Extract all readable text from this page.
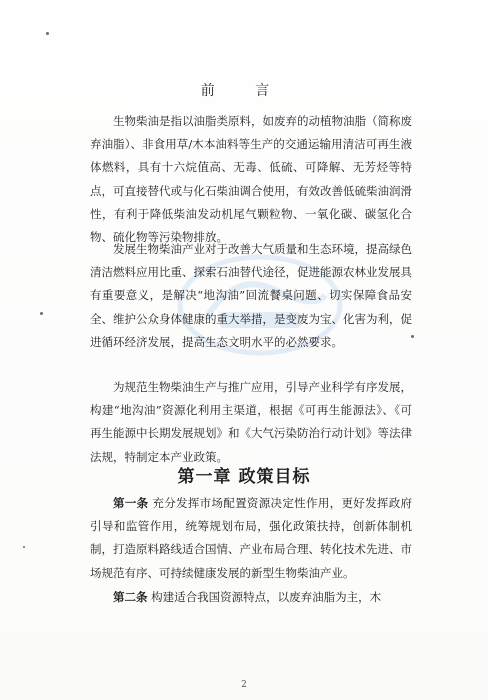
前 言

生物柴油是指以油脂类原料，如废弃的动植物油脂（简称废弃油脂）、非食用草/木本油料等生产的交通运输用清洁可再生液体燃料，具有十六烷值高、无毒、低硫、可降解、无芳烃等特点，可直接替代或与化石柴油调合使用，有效改善低硫柴油润滑性，有利于降低柴油发动机尾气颗粒物、一氧化碳、碳氢化合物、硫化物等污染物排放。

发展生物柴油产业对于改善大气质量和生态环境，提高绿色清洁燃料应用比重、探索石油替代途径，促进能源农林业发展具有重要意义，是解决“地沟油”回流餐桌问题、切实保障食品安全、维护公众身体健康的重大举措，是变废为宝、化害为利，促进循环经济发展，提高生态文明水平的必然要求。

为规范生物柴油生产与推广应用，引导产业科学有序发展，构建“地沟油”资源化利用主渠道，根据《可再生能源法》、《可再生能源中长期发展规划》和《大气污染防治行动计划》等法律法规，特制定本产业政策。

第一章 政策目标

第一条 充分发挥市场配置资源决定性作用，更好发挥政府引导和监管作用，统筹规划布局，强化政策扶持，创新体制机制，打造原料路线适合国情、产业布局合理、转化技术先进、市场规范有序、可持续健康发展的新型生物柴油产业。

第二条 构建适合我国资源特点，以废弃油脂为主，木

2
